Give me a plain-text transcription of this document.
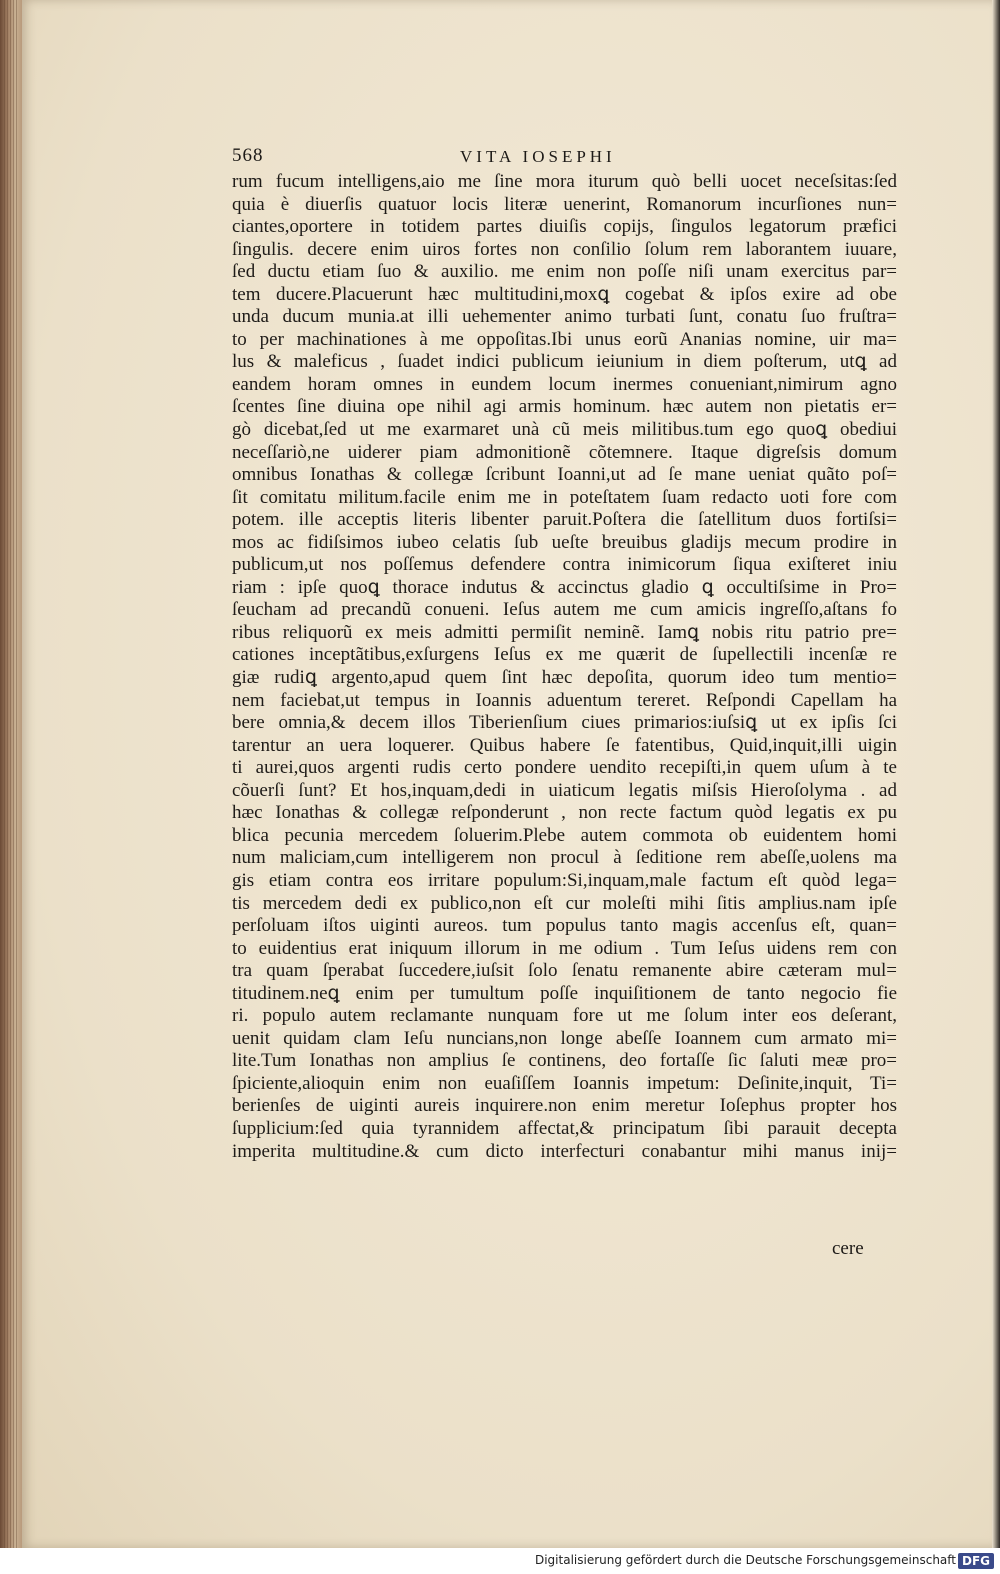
568	VITA IOSEPHI
rum fucum intelligens,aio me ſine mora iturum quò belli uocet neceſsitas:ſed
quia è diuerſis quatuor locis literæ uenerint, Romanorum incurſiones nun=
ciantes,oportere in totidem partes diuiſis copijs, ſingulos legatorum præfici
ſingulis. decere enim uiros fortes non conſilio ſolum rem laborantem iuuare,
ſed ductu etiam ſuo & auxilio. me enim non poſſe niſi unam exercitus par=
tem ducere.Placuerunt hæc multitudini,moxꝗ cogebat & ipſos exire ad obe
unda ducum munia.at illi uehementer animo turbati ſunt, conatu ſuo fruſtra=
to per machinationes à me oppoſitas.Ibi unus eorũ Ananias nomine, uir ma=
lus & maleficus , ſuadet indici publicum ieiunium in diem poſterum, utꝗ ad
eandem horam omnes in eundem locum inermes conueniant,nimirum agno
ſcentes ſine diuina ope nihil agi armis hominum. hæc autem non pietatis er=
gò dicebat,ſed ut me exarmaret unà cũ meis militibus.tum ego quoꝗ obediui
neceſſariò,ne uiderer piam admonitionẽ cõtemnere. Itaque digreſsis domum
omnibus Ionathas & collegæ ſcribunt Ioanni,ut ad ſe mane ueniat quãto poſ=
ſit comitatu militum.facile enim me in poteſtatem ſuam redacto uoti fore com
potem. ille acceptis literis libenter paruit.Poſtera die ſatellitum duos fortiſsi=
mos ac fidiſsimos iubeo celatis ſub ueſte breuibus gladijs mecum prodire in
publicum,ut nos poſſemus defendere contra inimicorum ſiqua exiſteret iniu
riam : ipſe quoꝗ thorace indutus & accinctus gladio ꝗ occultiſsime in Pro=
ſeucham ad precandũ conueni. Ieſus autem me cum amicis ingreſſo,aſtans fo
ribus reliquorũ ex meis admitti permiſit neminẽ. Iamꝗ nobis ritu patrio pre=
cationes inceptãtibus,exſurgens Ieſus ex me quærit de ſupellectili incenſæ re
giæ rudiꝗ argento,apud quem ſint hæc depoſita, quorum ideo tum mentio=
nem faciebat,ut tempus in Ioannis aduentum tereret. Reſpondi Capellam ha
bere omnia,& decem illos Tiberienſium ciues primarios:iuſsiꝗ ut ex ipſis ſci
tarentur an uera loquerer. Quibus habere ſe fatentibus, Quid,inquit,illi uigin
ti aurei,quos argenti rudis certo pondere uendito recepiſti,in quem uſum à te
cõuerſi ſunt? Et hos,inquam,dedi in uiaticum legatis miſsis Hieroſolyma . ad
hæc Ionathas & collegæ reſponderunt , non recte factum quòd legatis ex pu
blica pecunia mercedem ſoluerim.Plebe autem commota ob euidentem homi
num maliciam,cum intelligerem non procul à ſeditione rem abeſſe,uolens ma
gis etiam contra eos irritare populum:Si,inquam,male factum eſt quòd lega=
tis mercedem dedi ex publico,non eſt cur moleſti mihi ſitis amplius.nam ipſe
perſoluam iſtos uiginti aureos. tum populus tanto magis accenſus eſt, quan=
to euidentius erat iniquum illorum in me odium . Tum Ieſus uidens rem con
tra quam ſperabat ſuccedere,iuſsit ſolo ſenatu remanente abire cæteram mul=
titudinem.neꝗ enim per tumultum poſſe inquiſitionem de tanto negocio fie
ri. populo autem reclamante nunquam fore ut me ſolum inter eos deſerant,
uenit quidam clam Ieſu nuncians,non longe abeſſe Ioannem cum armato mi=
lite.Tum Ionathas non amplius ſe continens, deo fortaſſe ſic ſaluti meæ pro=
ſpiciente,alioquin enim non euaſiſſem Ioannis impetum: Deſinite,inquit, Ti=
berienſes de uiginti aureis inquirere.non enim meretur Ioſephus propter hos
ſupplicium:ſed quia tyrannidem affectat,& principatum ſibi parauit decepta
imperita multitudine.& cum dicto interfecturi conabantur mihi manus inij=
cere
Digitalisierung gefördert durch die Deutsche Forschungsgemeinschaft DFG
